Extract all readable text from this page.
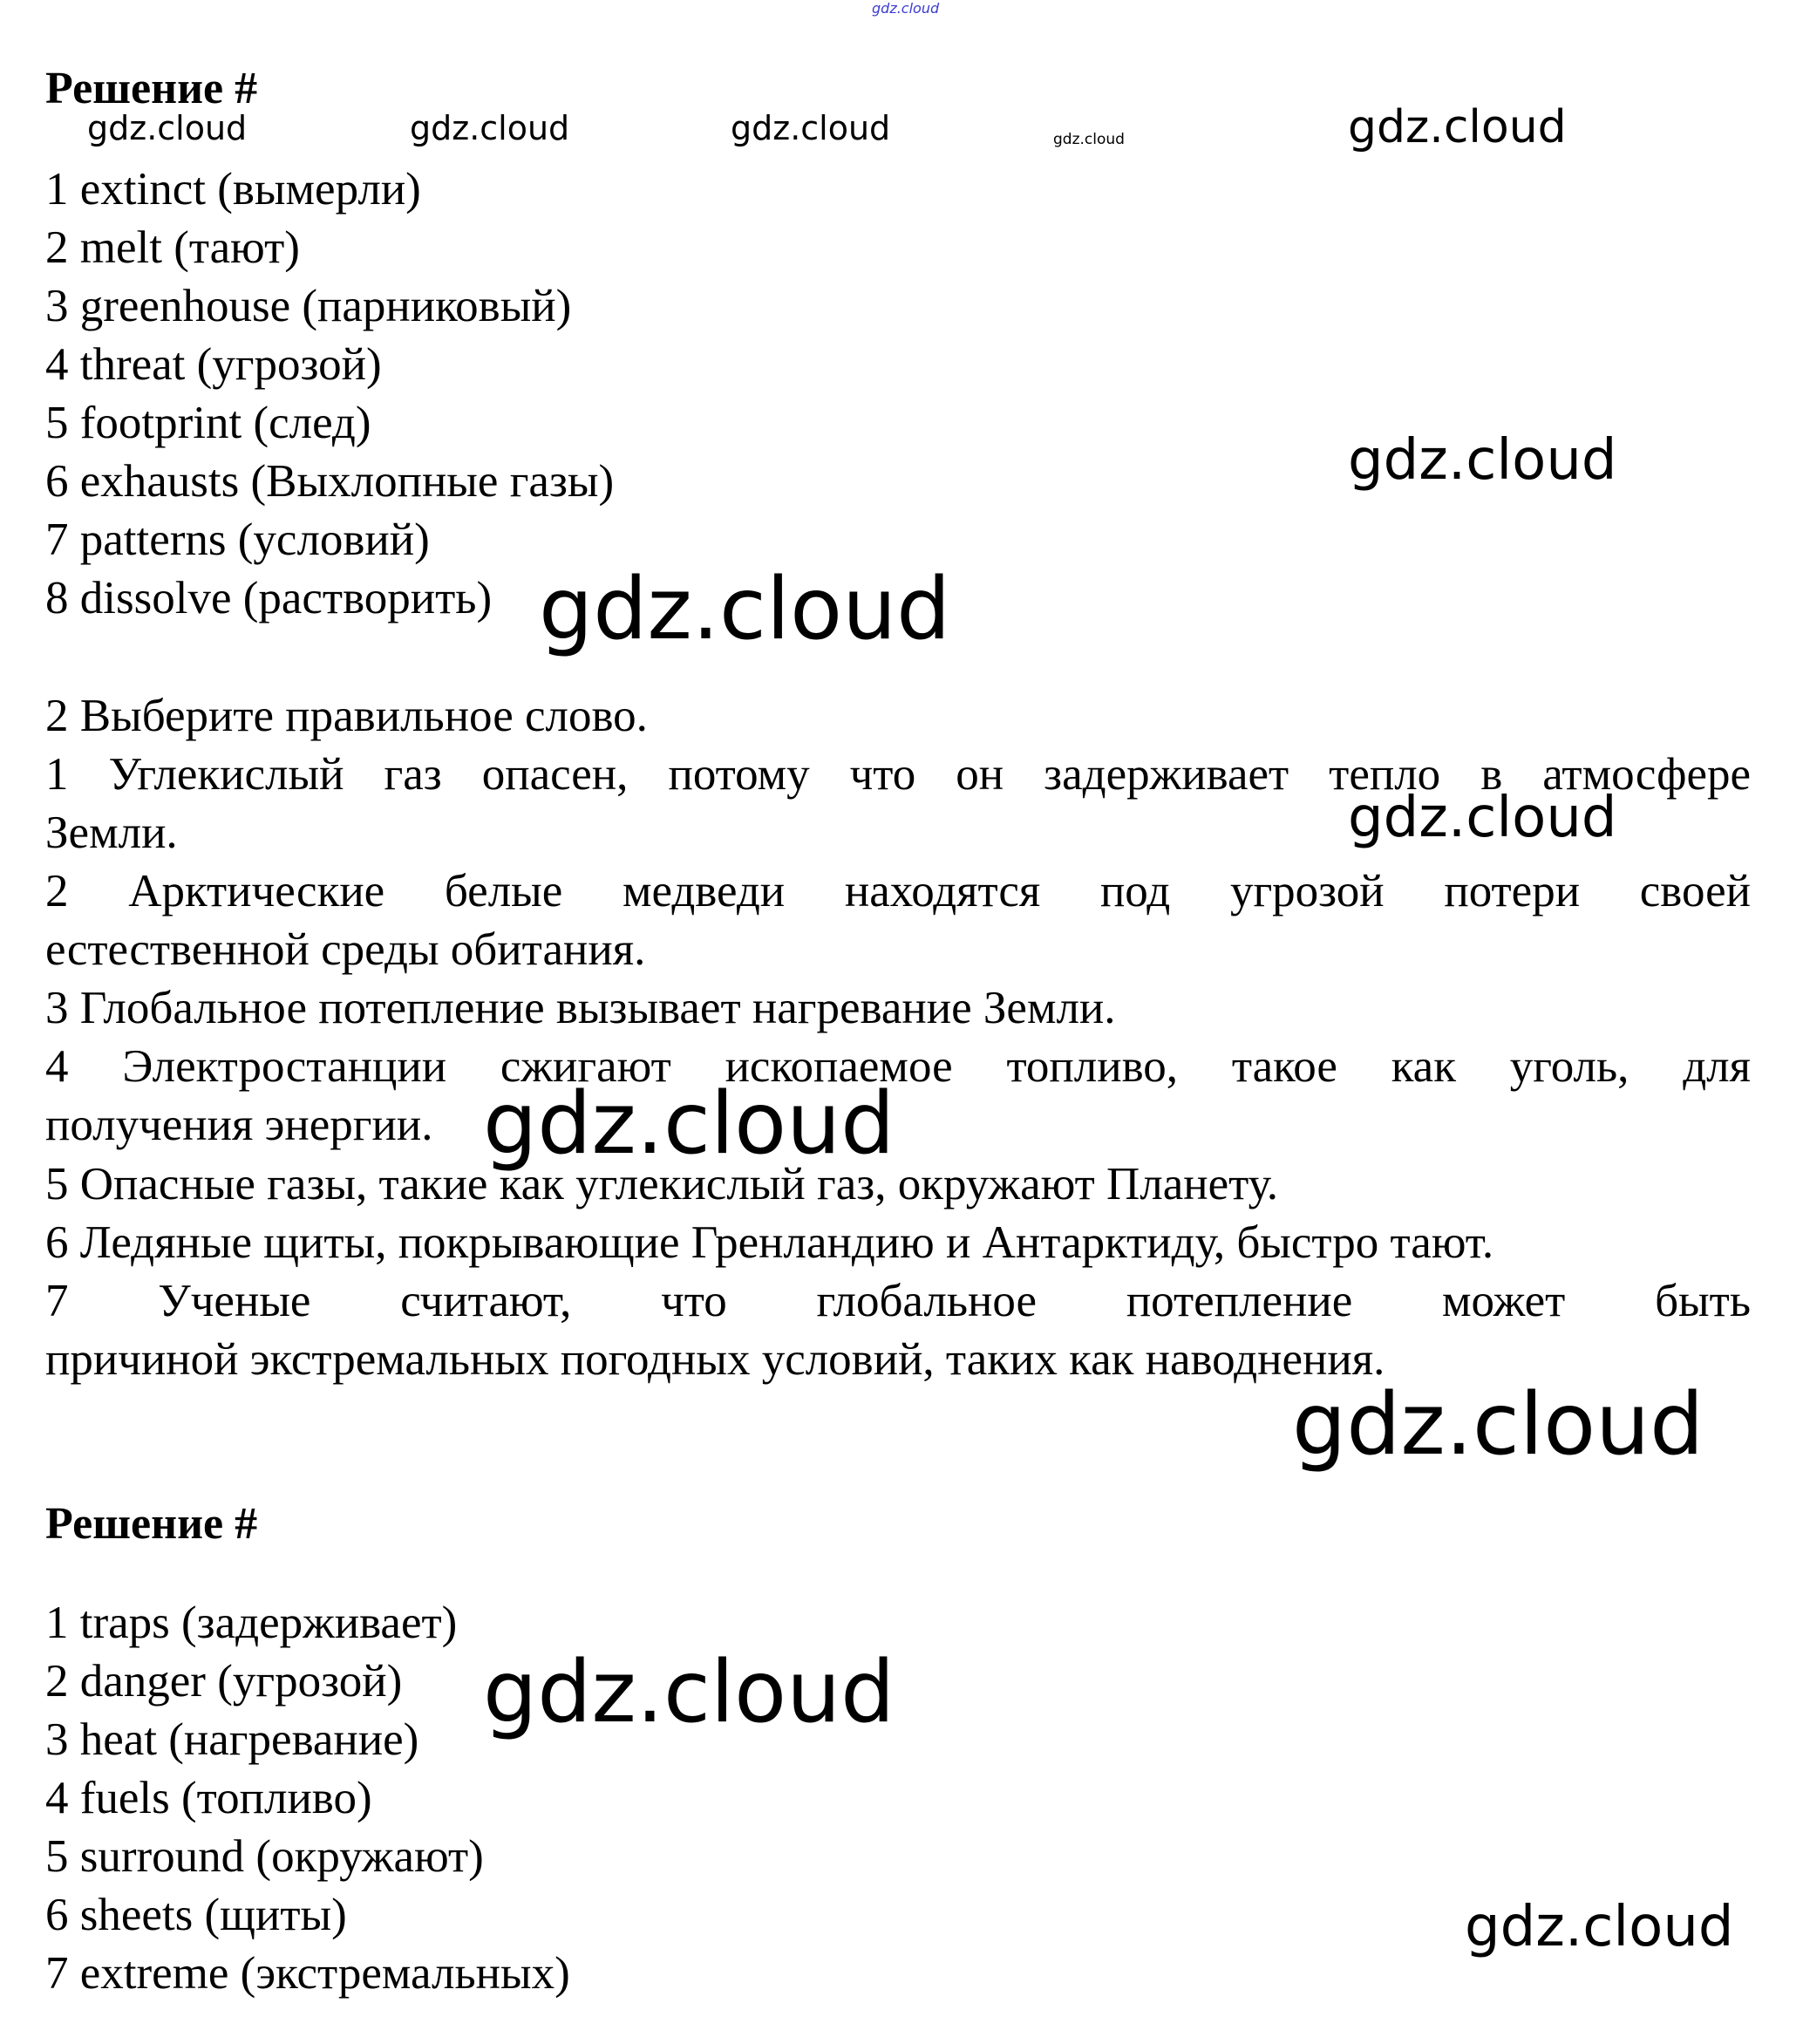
gdz.cloud
Решение #
gdz.cloud	gdz.cloud	gdz.cloud	gdz.cloud	gdz.cloud
1 extinct (вымерли)
2 melt (тают)
3 greenhouse (парниковый)
4 threat (угрозой)
5 footprint (след)
6 exhausts (Выхлопные газы)
7 patterns (условий)
8 dissolve (растворить)
gdz.cloud
gdz.cloud
2 Выберите правильное слово.
1 Углекислый газ опасен, потому что он задерживает тепло в атмосфере
Земли.	gdz.cloud
2 Арктические белые медведи находятся под угрозой потери своей
естественной среды обитания.
3 Глобальное потепление вызывает нагревание Земли.
4 Электростанции сжигают ископаемое топливо, такое как уголь, для
получения энергии. gdz.cloud
5 Опасные газы, такие как углекислый газ, окружают Планету.
6 Ледяные щиты, покрывающие Гренландию и Антарктиду, быстро тают.
7 Ученые считают, что глобальное потепление может быть
причиной экстремальных погодных условий, таких как наводнения.
gdz.cloud
Решение #
1 traps (задерживает)
2 danger (угрозой)
3 heat (нагревание)
4 fuels (топливо)
5 surround (окружают)
6 sheets (щиты)
7 extreme (экстремальных)
gdz.cloud
gdz.cloud
